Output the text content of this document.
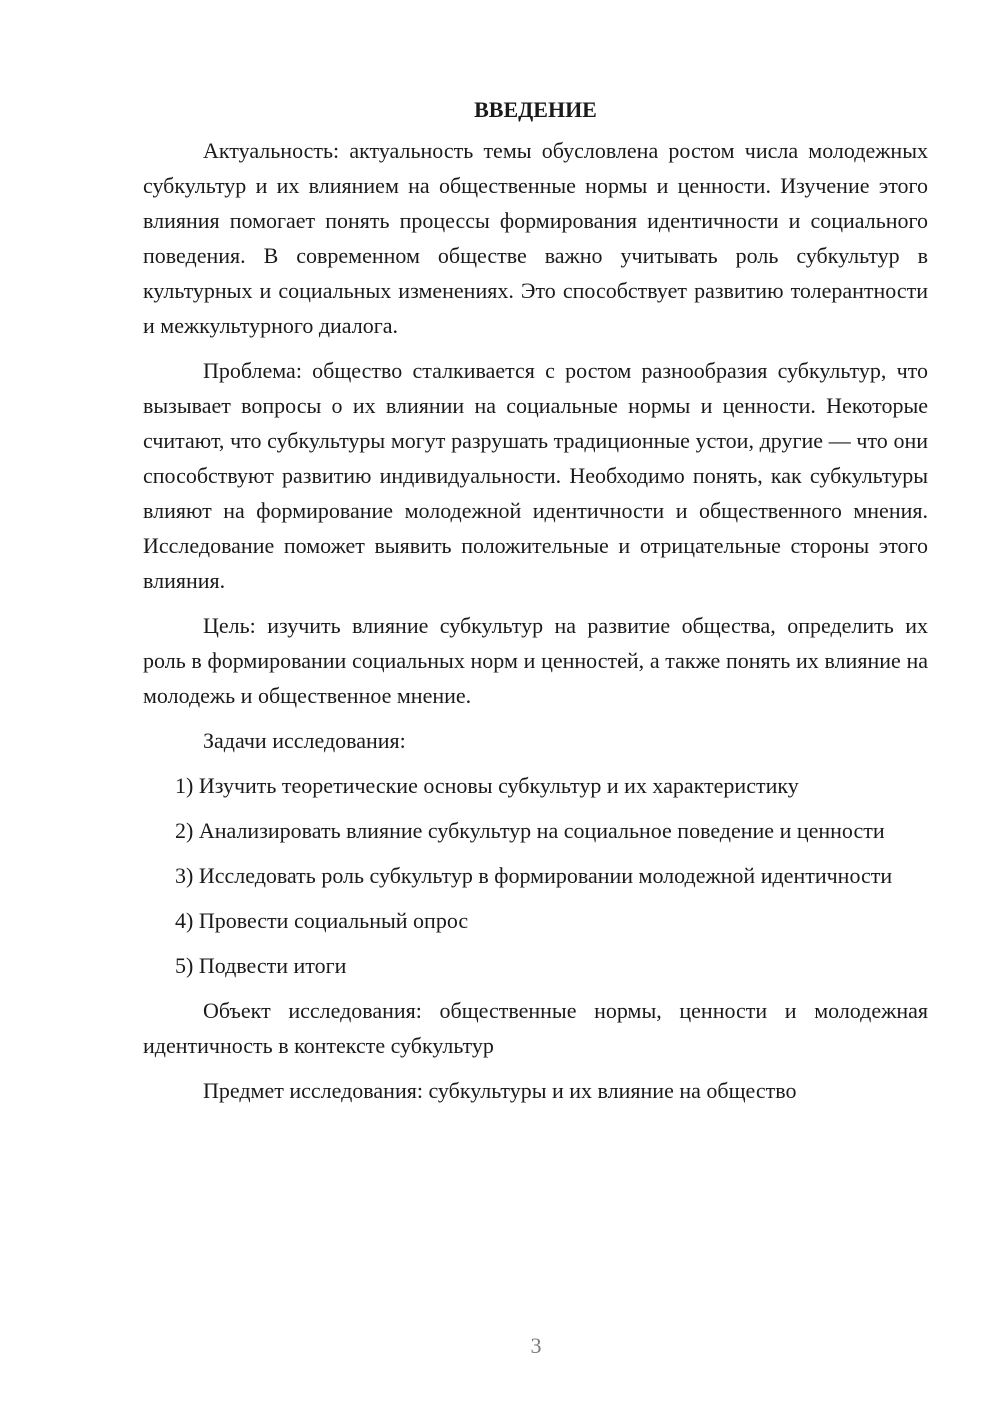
ВВЕДЕНИЕ

Актуальность: актуальность темы обусловлена ростом числа молодежных субкультур и их влиянием на общественные нормы и ценности. Изучение этого влияния помогает понять процессы формирования идентичности и социального поведения. В современном обществе важно учитывать роль субкультур в культурных и социальных изменениях. Это способствует развитию толерантности и межкультурного диалога.

Проблема: общество сталкивается с ростом разнообразия субкультур, что вызывает вопросы о их влиянии на социальные нормы и ценности. Некоторые считают, что субкультуры могут разрушать традиционные устои, другие — что они способствуют развитию индивидуальности. Необходимо понять, как субкультуры влияют на формирование молодежной идентичности и общественного мнения. Исследование поможет выявить положительные и отрицательные стороны этого влияния.

Цель: изучить влияние субкультур на развитие общества, определить их роль в формировании социальных норм и ценностей, а также понять их влияние на молодежь и общественное мнение.

Задачи исследования:

1) Изучить теоретические основы субкультур и их характеристику

2) Анализировать влияние субкультур на социальное поведение и ценности

3) Исследовать роль субкультур в формировании молодежной идентичности

4) Провести социальный опрос

5) Подвести итоги

Объект исследования: общественные нормы, ценности и молодежная идентичность в контексте субкультур

Предмет исследования: субкультуры и их влияние на общество

3
